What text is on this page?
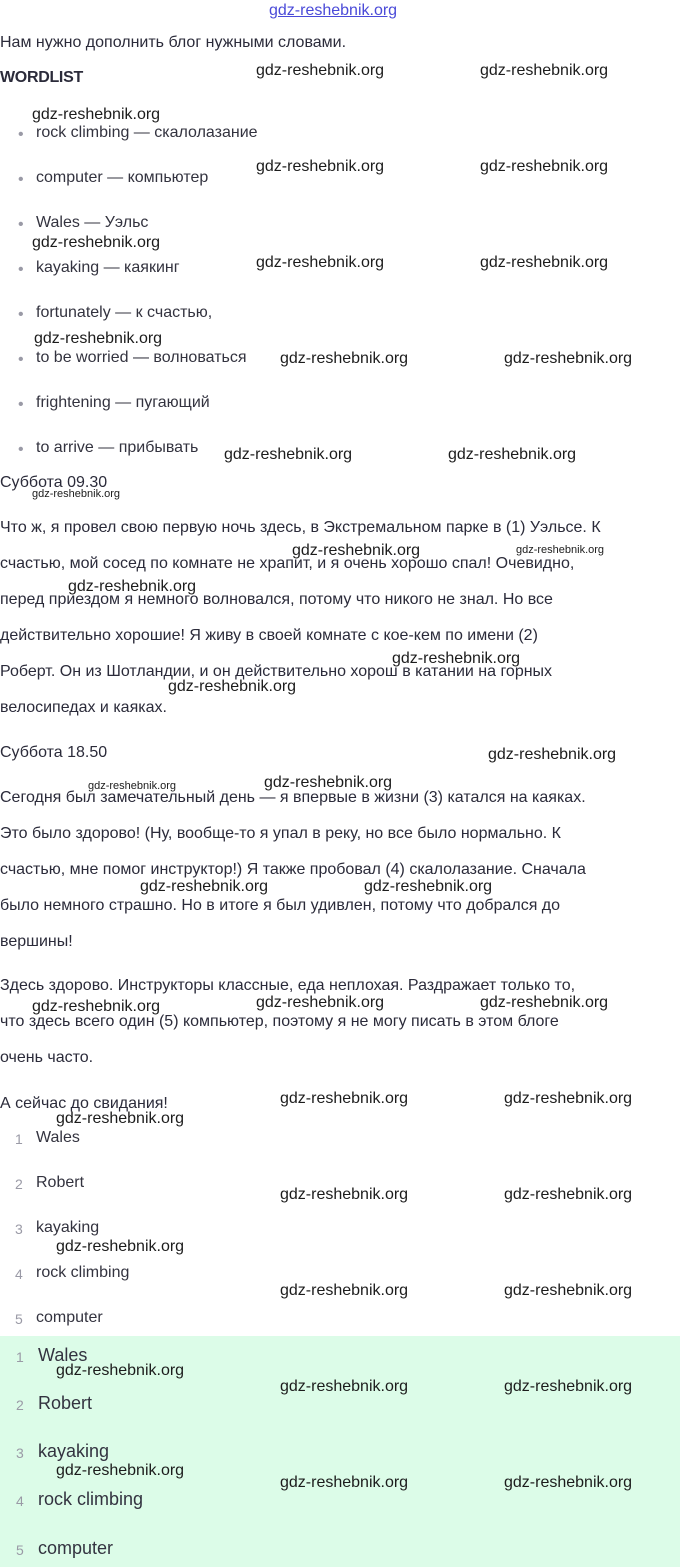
gdz-reshebnik.org
Нам нужно дополнить блог нужными словами.
WORDLIST
• rock climbing — скалолазание
• computer — компьютер
• Wales — Уэльс
• kayaking — каякинг
• fortunately — к счастью,
• to be worried — волноваться
• frightening — пугающий
• to arrive — прибывать
Суббота 09.30
Что ж, я провел свою первую ночь здесь, в Экстремальном парке в (1) Уэльсе. К
счастью, мой сосед по комнате не храпит, и я очень хорошо спал! Очевидно,
перед приездом я немного волновался, потому что никого не знал. Но все
действительно хорошие! Я живу в своей комнате с кое-кем по имени (2)
Роберт. Он из Шотландии, и он действительно хорош в катании на горных
велосипедах и каяках.
Суббота 18.50
Сегодня был замечательный день — я впервые в жизни (3) катался на каяках.
Это было здорово! (Ну, вообще-то я упал в реку, но все было нормально. К
счастью, мне помог инструктор!) Я также пробовал (4) скалолазание. Сначала
было немного страшно. Но в итоге я был удивлен, потому что добрался до
вершины!
Здесь здорово. Инструкторы классные, еда неплохая. Раздражает только то,
что здесь всего один (5) компьютер, поэтому я не могу писать в этом блоге
очень часто.
А сейчас до свидания!
1 Wales
2 Robert
3 kayaking
4 rock climbing
5 computer
1 Wales
2 Robert
3 kayaking
4 rock climbing
5 computer
gdz-reshebnik.org	gdz-reshebnik.org
gdz-reshebnik.org
gdz-reshebnik.org	gdz-reshebnik.org
gdz-reshebnik.org
gdz-reshebnik.org	gdz-reshebnik.org
gdz-reshebnik.org
gdz-reshebnik.org	gdz-reshebnik.org
gdz-reshebnik.org	gdz-reshebnik.org
gdz-reshebnik.org
gdz-reshebnik.org	gdz-reshebnik.org
gdz-reshebnik.org
gdz-reshebnik.org
gdz-reshebnik.org
gdz-reshebnik.org
gdz-reshebnik.org	gdz-reshebnik.org
gdz-reshebnik.org	gdz-reshebnik.org
gdz-reshebnik.org	gdz-reshebnik.org	gdz-reshebnik.org
gdz-reshebnik.org	gdz-reshebnik.org
gdz-reshebnik.org
gdz-reshebnik.org	gdz-reshebnik.org
gdz-reshebnik.org
gdz-reshebnik.org	gdz-reshebnik.org
gdz-reshebnik.org
gdz-reshebnik.org	gdz-reshebnik.org
gdz-reshebnik.org
gdz-reshebnik.org	gdz-reshebnik.org
